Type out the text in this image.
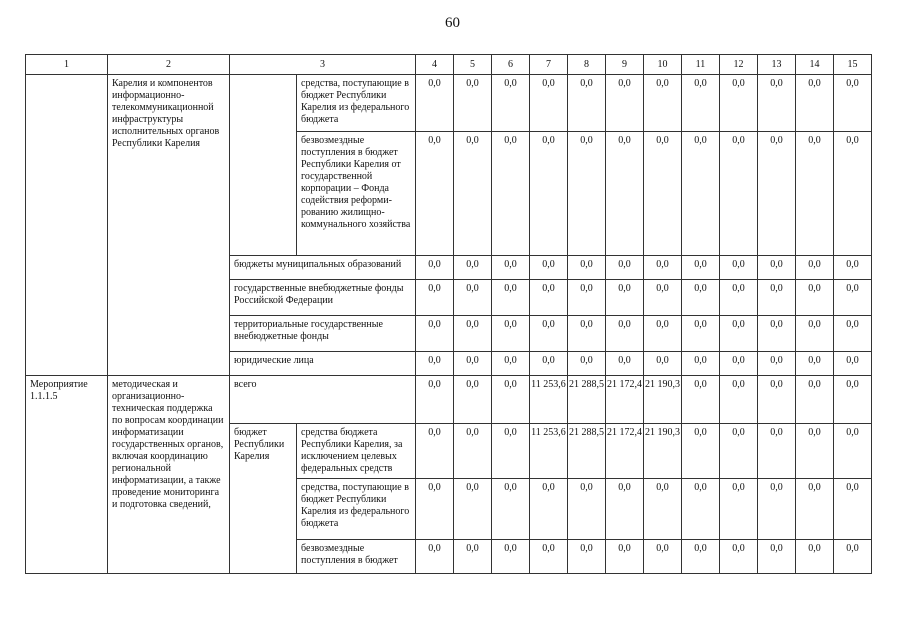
60
1	2	3		4	5	6	7	8	9	10	11	12	13	14	15
	Карелия и компонентов информационно-телекоммуникационной инфраструктуры исполнительных органов Республики Карелия		средства, поступающие в бюджет Республики Карелия из федерального бюджета	0,0	0,0	0,0	0,0	0,0	0,0	0,0	0,0	0,0	0,0	0,0	0,0
			безвозмездные поступления в бюджет Республики Карелия от государственной корпорации – Фонда содействия реформи-рованию жилищно-коммунального хозяйства	0,0	0,0	0,0	0,0	0,0	0,0	0,0	0,0	0,0	0,0	0,0	0,0
		бюджеты муниципальных образований		0,0	0,0	0,0	0,0	0,0	0,0	0,0	0,0	0,0	0,0	0,0	0,0
		государственные внебюджетные фонды Российской Федерации		0,0	0,0	0,0	0,0	0,0	0,0	0,0	0,0	0,0	0,0	0,0	0,0
		территориальные государственные внебюджетные фонды		0,0	0,0	0,0	0,0	0,0	0,0	0,0	0,0	0,0	0,0	0,0	0,0
		юридические лица		0,0	0,0	0,0	0,0	0,0	0,0	0,0	0,0	0,0	0,0	0,0	0,0
Мероприятие 1.1.1.5	методическая и организационно-техническая поддержка по вопросам координации информатизации государственных органов, включая координацию региональной информатизации, а также проведение мониторинга и подготовка сведений,	всего		0,0	0,0	0,0	11 253,6	21 288,5	21 172,4	21 190,3	0,0	0,0	0,0	0,0	0,0
		бюджет Республики Карелия	средства бюджета Республики Карелия, за исключением целевых федеральных средств	0,0	0,0	0,0	11 253,6	21 288,5	21 172,4	21 190,3	0,0	0,0	0,0	0,0	0,0
			средства, поступающие в бюджет Республики Карелия из федерального бюджета	0,0	0,0	0,0	0,0	0,0	0,0	0,0	0,0	0,0	0,0	0,0	0,0
			безвозмездные поступления в бюджет	0,0	0,0	0,0	0,0	0,0	0,0	0,0	0,0	0,0	0,0	0,0	0,0
